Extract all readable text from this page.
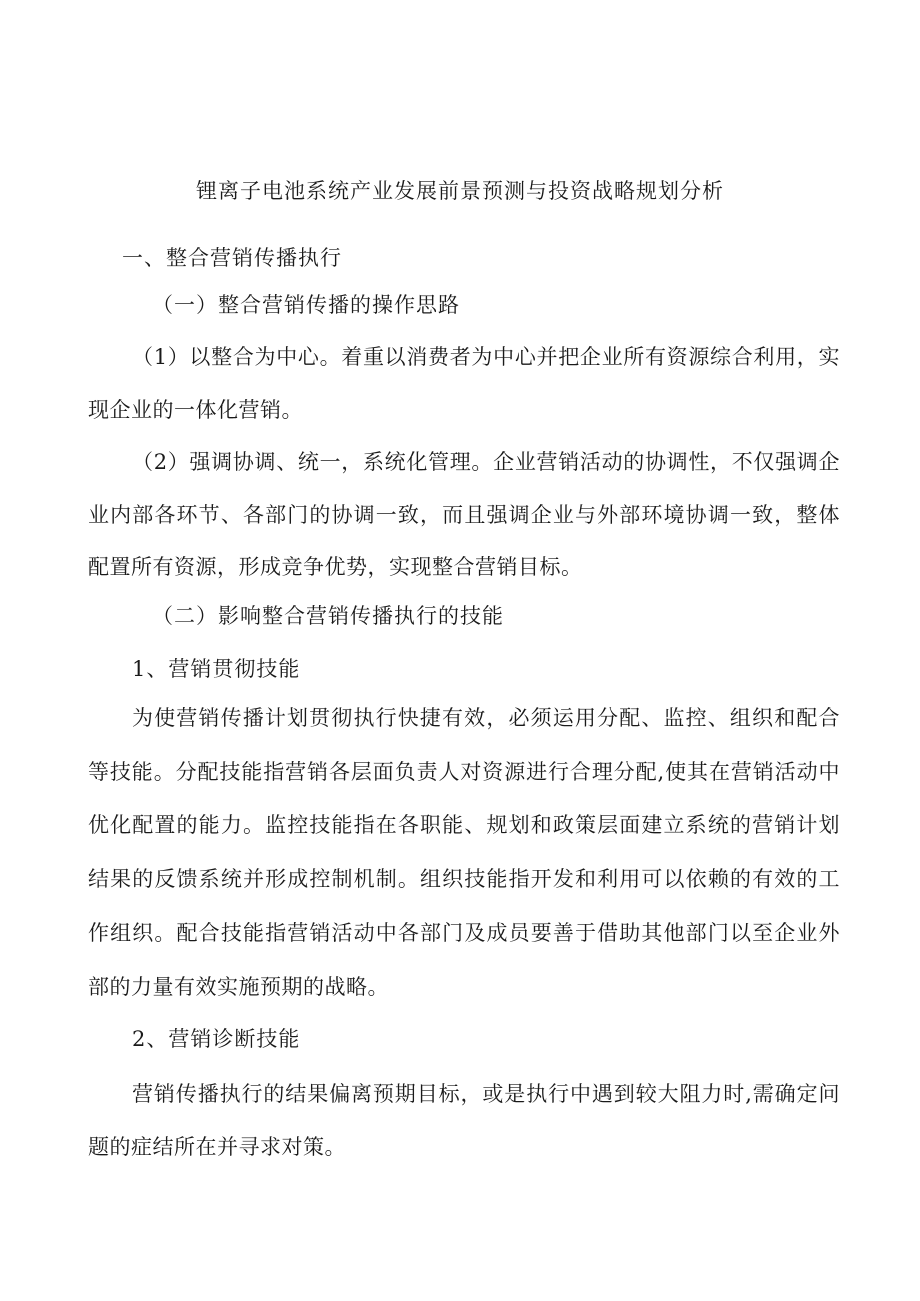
锂离子电池系统产业发展前景预测与投资战略规划分析
一、整合营销传播执行
（一）整合营销传播的操作思路
（1）以整合为中心。着重以消费者为中心并把企业所有资源综合利用，实现企业的一体化营销。
（2）强调协调、统一，系统化管理。企业营销活动的协调性，不仅强调企业内部各环节、各部门的协调一致，而且强调企业与外部环境协调一致，整体配置所有资源，形成竞争优势，实现整合营销目标。
（二）影响整合营销传播执行的技能
1、营销贯彻技能
为使营销传播计划贯彻执行快捷有效，必须运用分配、监控、组织和配合等技能。分配技能指营销各层面负责人对资源进行合理分配,使其在营销活动中优化配置的能力。监控技能指在各职能、规划和政策层面建立系统的营销计划结果的反馈系统并形成控制机制。组织技能指开发和利用可以依赖的有效的工作组织。配合技能指营销活动中各部门及成员要善于借助其他部门以至企业外部的力量有效实施预期的战略。
2、营销诊断技能
营销传播执行的结果偏离预期目标，或是执行中遇到较大阻力时,需确定问题的症结所在并寻求对策。
